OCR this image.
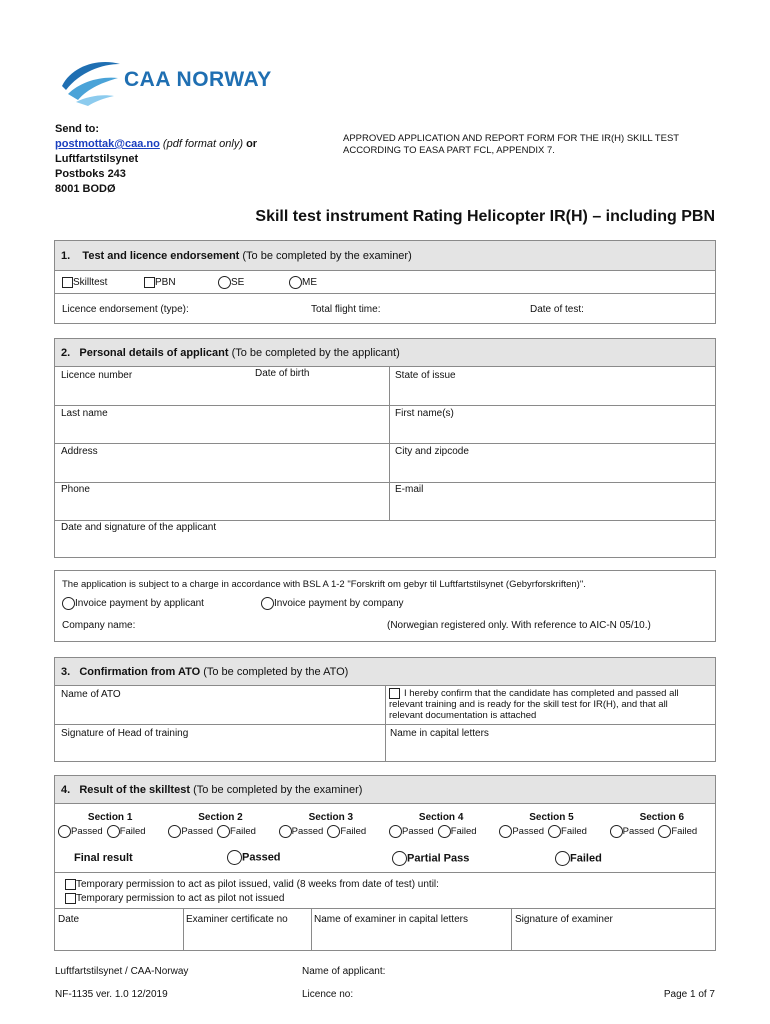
CAA NORWAY
Send to:
postmottak@caa.no (pdf format only) or
Luftfartstilsynet
Postboks 243
8001 BODØ
APPROVED APPLICATION AND REPORT FORM FOR THE IR(H) SKILL TEST
ACCORDING TO EASA PART FCL, APPENDIX 7.
Skill test instrument Rating Helicopter IR(H) – including PBN
1. Test and licence endorsement (To be completed by the examiner)
Skilltest	PBN	SE	ME
Licence endorsement (type):	Total flight time:	Date of test:
2. Personal details of applicant (To be completed by the applicant)
Licence number	Date of birth	State of issue
Last name	First name(s)
Address	City and zipcode
Phone	E-mail
Date and signature of the applicant
The application is subject to a charge in accordance with BSL A 1-2 "Forskrift om gebyr til Luftfartstilsynet (Gebyrforskriften)".
Invoice payment by applicant	Invoice payment by company
Company name:	(Norwegian registered only. With reference to AIC-N 05/10.)
3. Confirmation from ATO (To be completed by the ATO)
Name of ATO	I hereby confirm that the candidate has completed and passed all
relevant training and is ready for the skill test for IR(H), and that all
relevant documentation is attached
Signature of Head of training	Name in capital letters
4. Result of the skilltest (To be completed by the examiner)
Section 1
Passed Failed
Section 2
Passed Failed
Section 3
Passed Failed
Section 4
Passed Failed
Section 5
Passed Failed
Section 6
Passed Failed
Final result	Passed	Partial Pass	Failed
Temporary permission to act as pilot issued, valid (8 weeks from date of test) until:
Temporary permission to act as pilot not issued
Date	Examiner certificate no	Name of examiner in capital letters	Signature of examiner
Luftfartstilsynet / CAA-Norway
NF-1135 ver. 1.0 12/2019
Name of applicant:
Licence no:	Page 1 of 7
